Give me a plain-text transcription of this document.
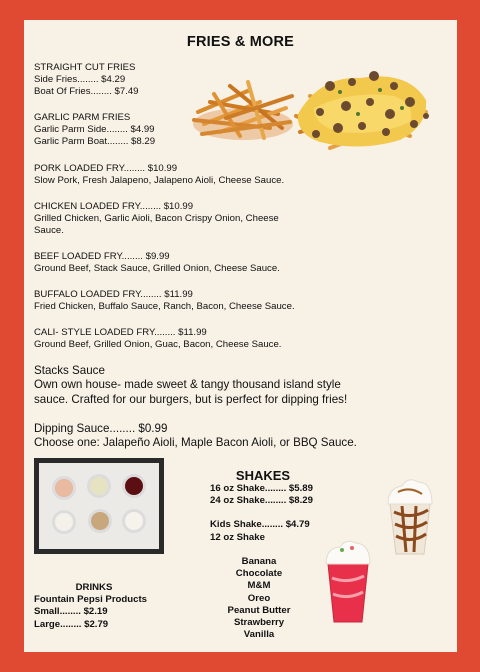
FRIES & MORE
STRAIGHT CUT FRIES
Side Fries........ $4.29
Boat Of Fries........ $7.49
GARLIC PARM FRIES
Garlic Parm Side........ $4.99
Garlic Parm Boat........ $8.29
PORK LOADED FRY........ $10.99
Slow Pork, Fresh Jalapeno, Jalapeno Aioli, Cheese Sauce.
CHICKEN LOADED FRY........ $10.99
Grilled Chicken, Garlic Aioli, Bacon Crispy Onion, Cheese
Sauce.
BEEF LOADED FRY........ $9.99
Ground Beef, Stack Sauce, Grilled Onion, Cheese Sauce.
BUFFALO LOADED FRY........ $11.99
Fried Chicken, Buffalo Sauce, Ranch, Bacon, Cheese Sauce.
CALI- STYLE LOADED FRY........ $11.99
Ground Beef, Grilled Onion, Guac, Bacon, Cheese Sauce.
Stacks Sauce
Own own house- made sweet & tangy thousand island style
sauce. Crafted for our burgers, but is perfect for dipping fries!
Dipping Sauce........ $0.99
Choose one: Jalapeño Aioli, Maple Bacon Aioli, or BBQ Sauce.
DRINKS
Fountain Pepsi Products
Small........ $2.19
Large........ $2.79
SHAKES
16 oz Shake........ $5.89
24 oz Shake........ $8.29
Kids Shake........ $4.79
12 oz Shake
Banana
Chocolate
M&M
Oreo
Peanut Butter
Strawberry
Vanilla
